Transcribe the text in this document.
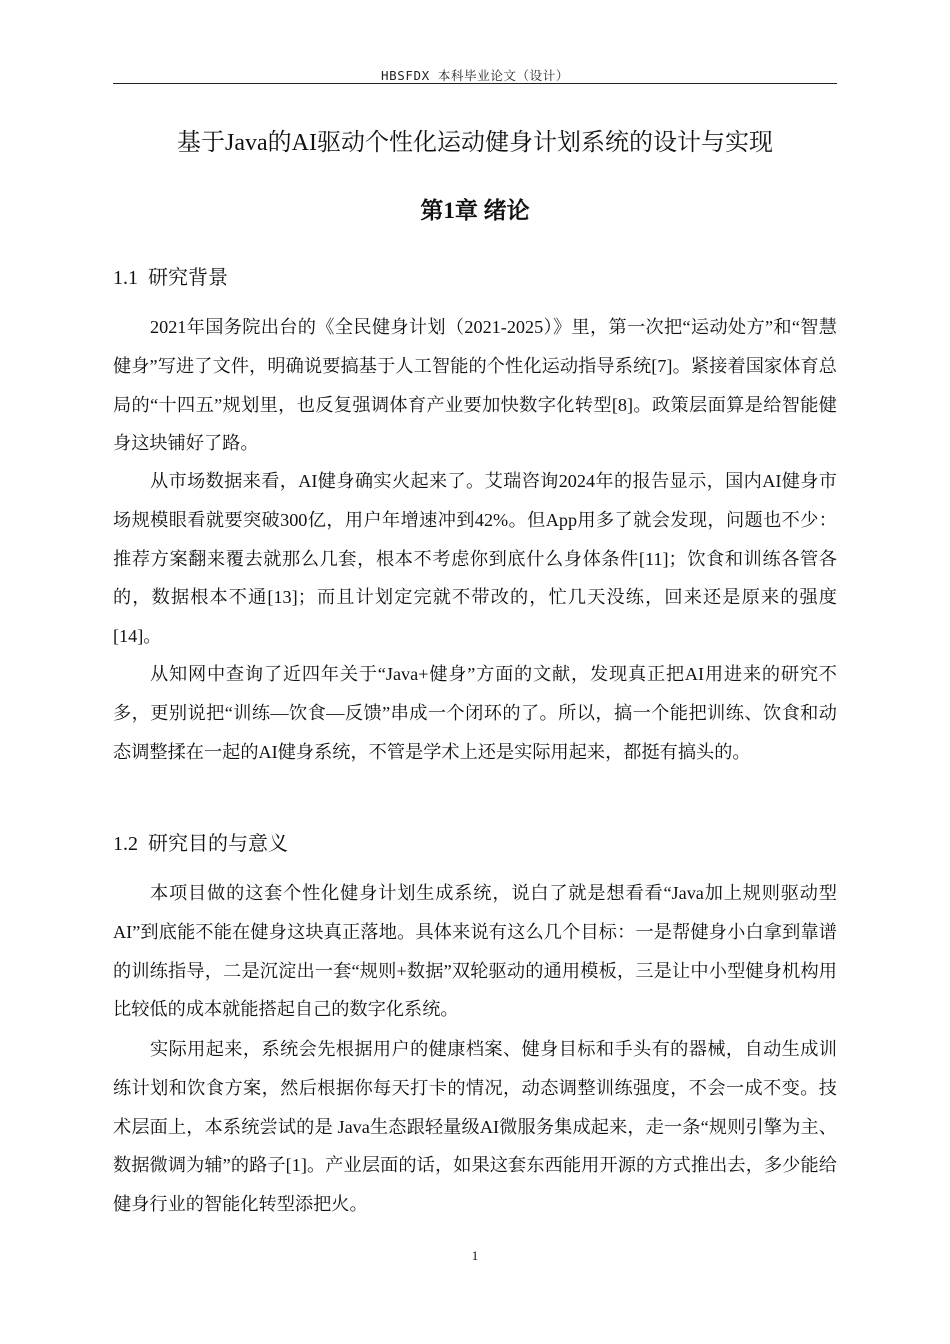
HBSFDX 本科毕业论文（设计）
基于Java的AI驱动个性化运动健身计划系统的设计与实现
第1章 绪论
1.1 研究背景

2021年国务院出台的《全民健身计划（2021-2025）》里，第一次把“运动处方”和“智慧健身”写进了文件，明确说要搞基于人工智能的个性化运动指导系统[7]。紧接着国家体育总局的“十四五”规划里，也反复强调体育产业要加快数字化转型[8]。政策层面算是给智能健身这块铺好了路。

从市场数据来看，AI健身确实火起来了。艾瑞咨询2024年的报告显示，国内AI健身市场规模眼看就要突破300亿，用户年增速冲到42%。但App用多了就会发现，问题也不少：推荐方案翻来覆去就那么几套，根本不考虑你到底什么身体条件[11]；饮食和训练各管各的，数据根本不通[13]；而且计划定完就不带改的，忙几天没练，回来还是原来的强度[14]。

从知网中查询了近四年关于“Java+健身”方面的文献，发现真正把AI用进来的研究不多，更别说把“训练—饮食—反馈”串成一个闭环的了。所以，搞一个能把训练、饮食和动态调整揉在一起的AI健身系统，不管是学术上还是实际用起来，都挺有搞头的。

1.2 研究目的与意义

本项目做的这套个性化健身计划生成系统，说白了就是想看看“Java加上规则驱动型AI”到底能不能在健身这块真正落地。具体来说有这么几个目标：一是帮健身小白拿到靠谱的训练指导，二是沉淀出一套“规则+数据”双轮驱动的通用模板，三是让中小型健身机构用比较低的成本就能搭起自己的数字化系统。

实际用起来，系统会先根据用户的健康档案、健身目标和手头有的器械，自动生成训练计划和饮食方案，然后根据你每天打卡的情况，动态调整训练强度，不会一成不变。技术层面上，本系统尝试的是 Java生态跟轻量级AI微服务集成起来，走一条“规则引擎为主、数据微调为辅”的路子[1]。产业层面的话，如果这套东西能用开源的方式推出去，多少能给健身行业的智能化转型添把火。

1
